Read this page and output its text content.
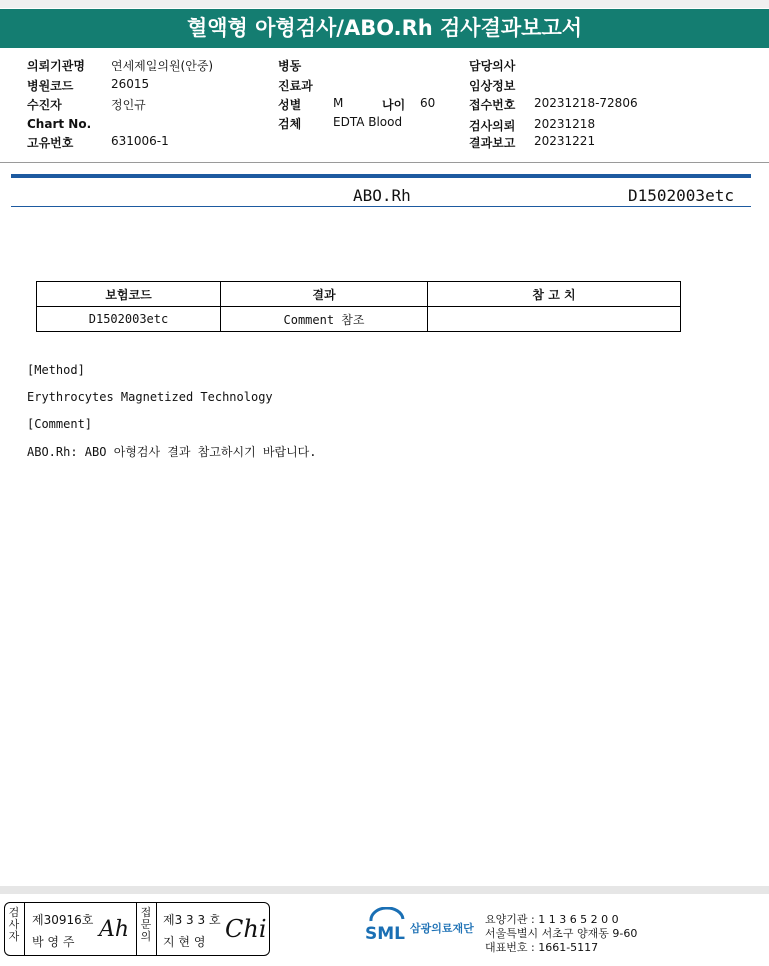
혈액형 아형검사/ABO.Rh 검사결과보고서
의뢰기관명 연세제일의원(안중)
병원코드	26015
수진자	정인규
Chart No.
고유번호	631006-1
병동
진료과
성별	M	나이 60
검체	EDTA Blood
담당의사
임상정보
접수번호 20231218-72806
검사의뢰 20231218
결과보고 20231221
ABO.Rh	D1502003etc
보험코드	결과	참 고 치
D1502003etc	Comment 참조	
[Method]
Erythrocytes Magnetized Technology
[Comment]
ABO.Rh: ABO 아형검사 결과 참고하시기 바랍니다.
검사자
제30916호
박 영 주 Ah
접문의
제3 3 3 호
지 현 영 Chi	SML 삼광의료재단
요양기관 : 1 1 3 6 5 2 0 0
서울특별시 서초구 양재동 9-60
대표번호 : 1661-5117
